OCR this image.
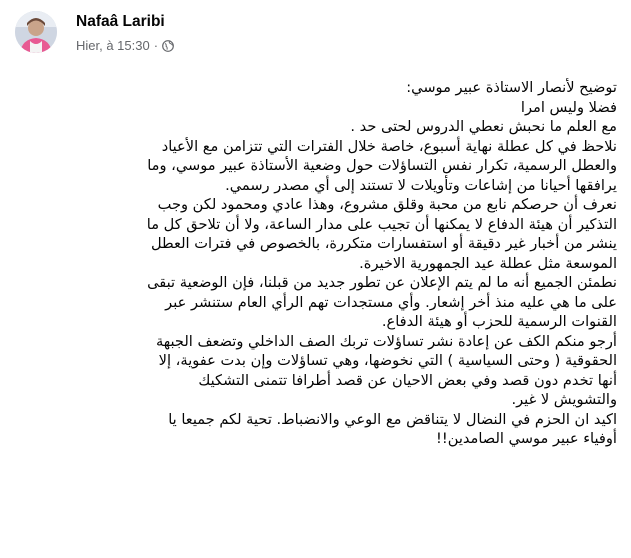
Nafaâ Laribi
Hier, à 15:30 ·
توضيح لأنصار الاستاذة عبير موسي:
فضلا وليس امرا
مع العلم ما نحبش نعطي الدروس لحتى حد .
نلاحظ في كل عطلة نهاية أسبوع، خاصة خلال الفترات التي تتزامن مع الأعياد
والعطل الرسمية، تكرار نفس التساؤلات حول وضعية الأستاذة عبير موسي، وما
يرافقها أحيانا من إشاعات وتأويلات لا تستند إلى أي مصدر رسمي.
نعرف أن حرصكم نابع من محبة وقلق مشروع، وهذا عادي ومحمود لكن وجب
التذكير أن هيئة الدفاع لا يمكنها أن تجيب على مدار الساعة، ولا أن تلاحق كل ما
ينشر من أخبار غير دقيقة أو استفسارات متكررة، بالخصوص في فترات العطل
الموسعة مثل عطلة عيد الجمهورية الاخيرة.
نطمئن الجميع أنه ما لم يتم الإعلان عن تطور جديد من قبلنا، فإن الوضعية تبقى
على ما هي عليه منذ أخر إشعار. وأي مستجدات تهم الرأي العام ستنشر عبر
القنوات الرسمية للحزب أو هيئة الدفاع.
أرجو منكم الكف عن إعادة نشر تساؤلات تربك الصف الداخلي وتضعف الجبهة
الحقوقية ( وحتى السياسية ) التي نخوضها، وهي تساؤلات وإن بدت عفوية، إلا
أنها تخدم دون قصد وفي بعض الاحيان عن قصد أطرافا تتمنى التشكيك
والتشويش لا غير.
اكيد ان الحزم في النضال لا يتناقض مع الوعي والانضباط. تحية لكم جميعا يا
أوفياء عبير موسي الصامدين!!
